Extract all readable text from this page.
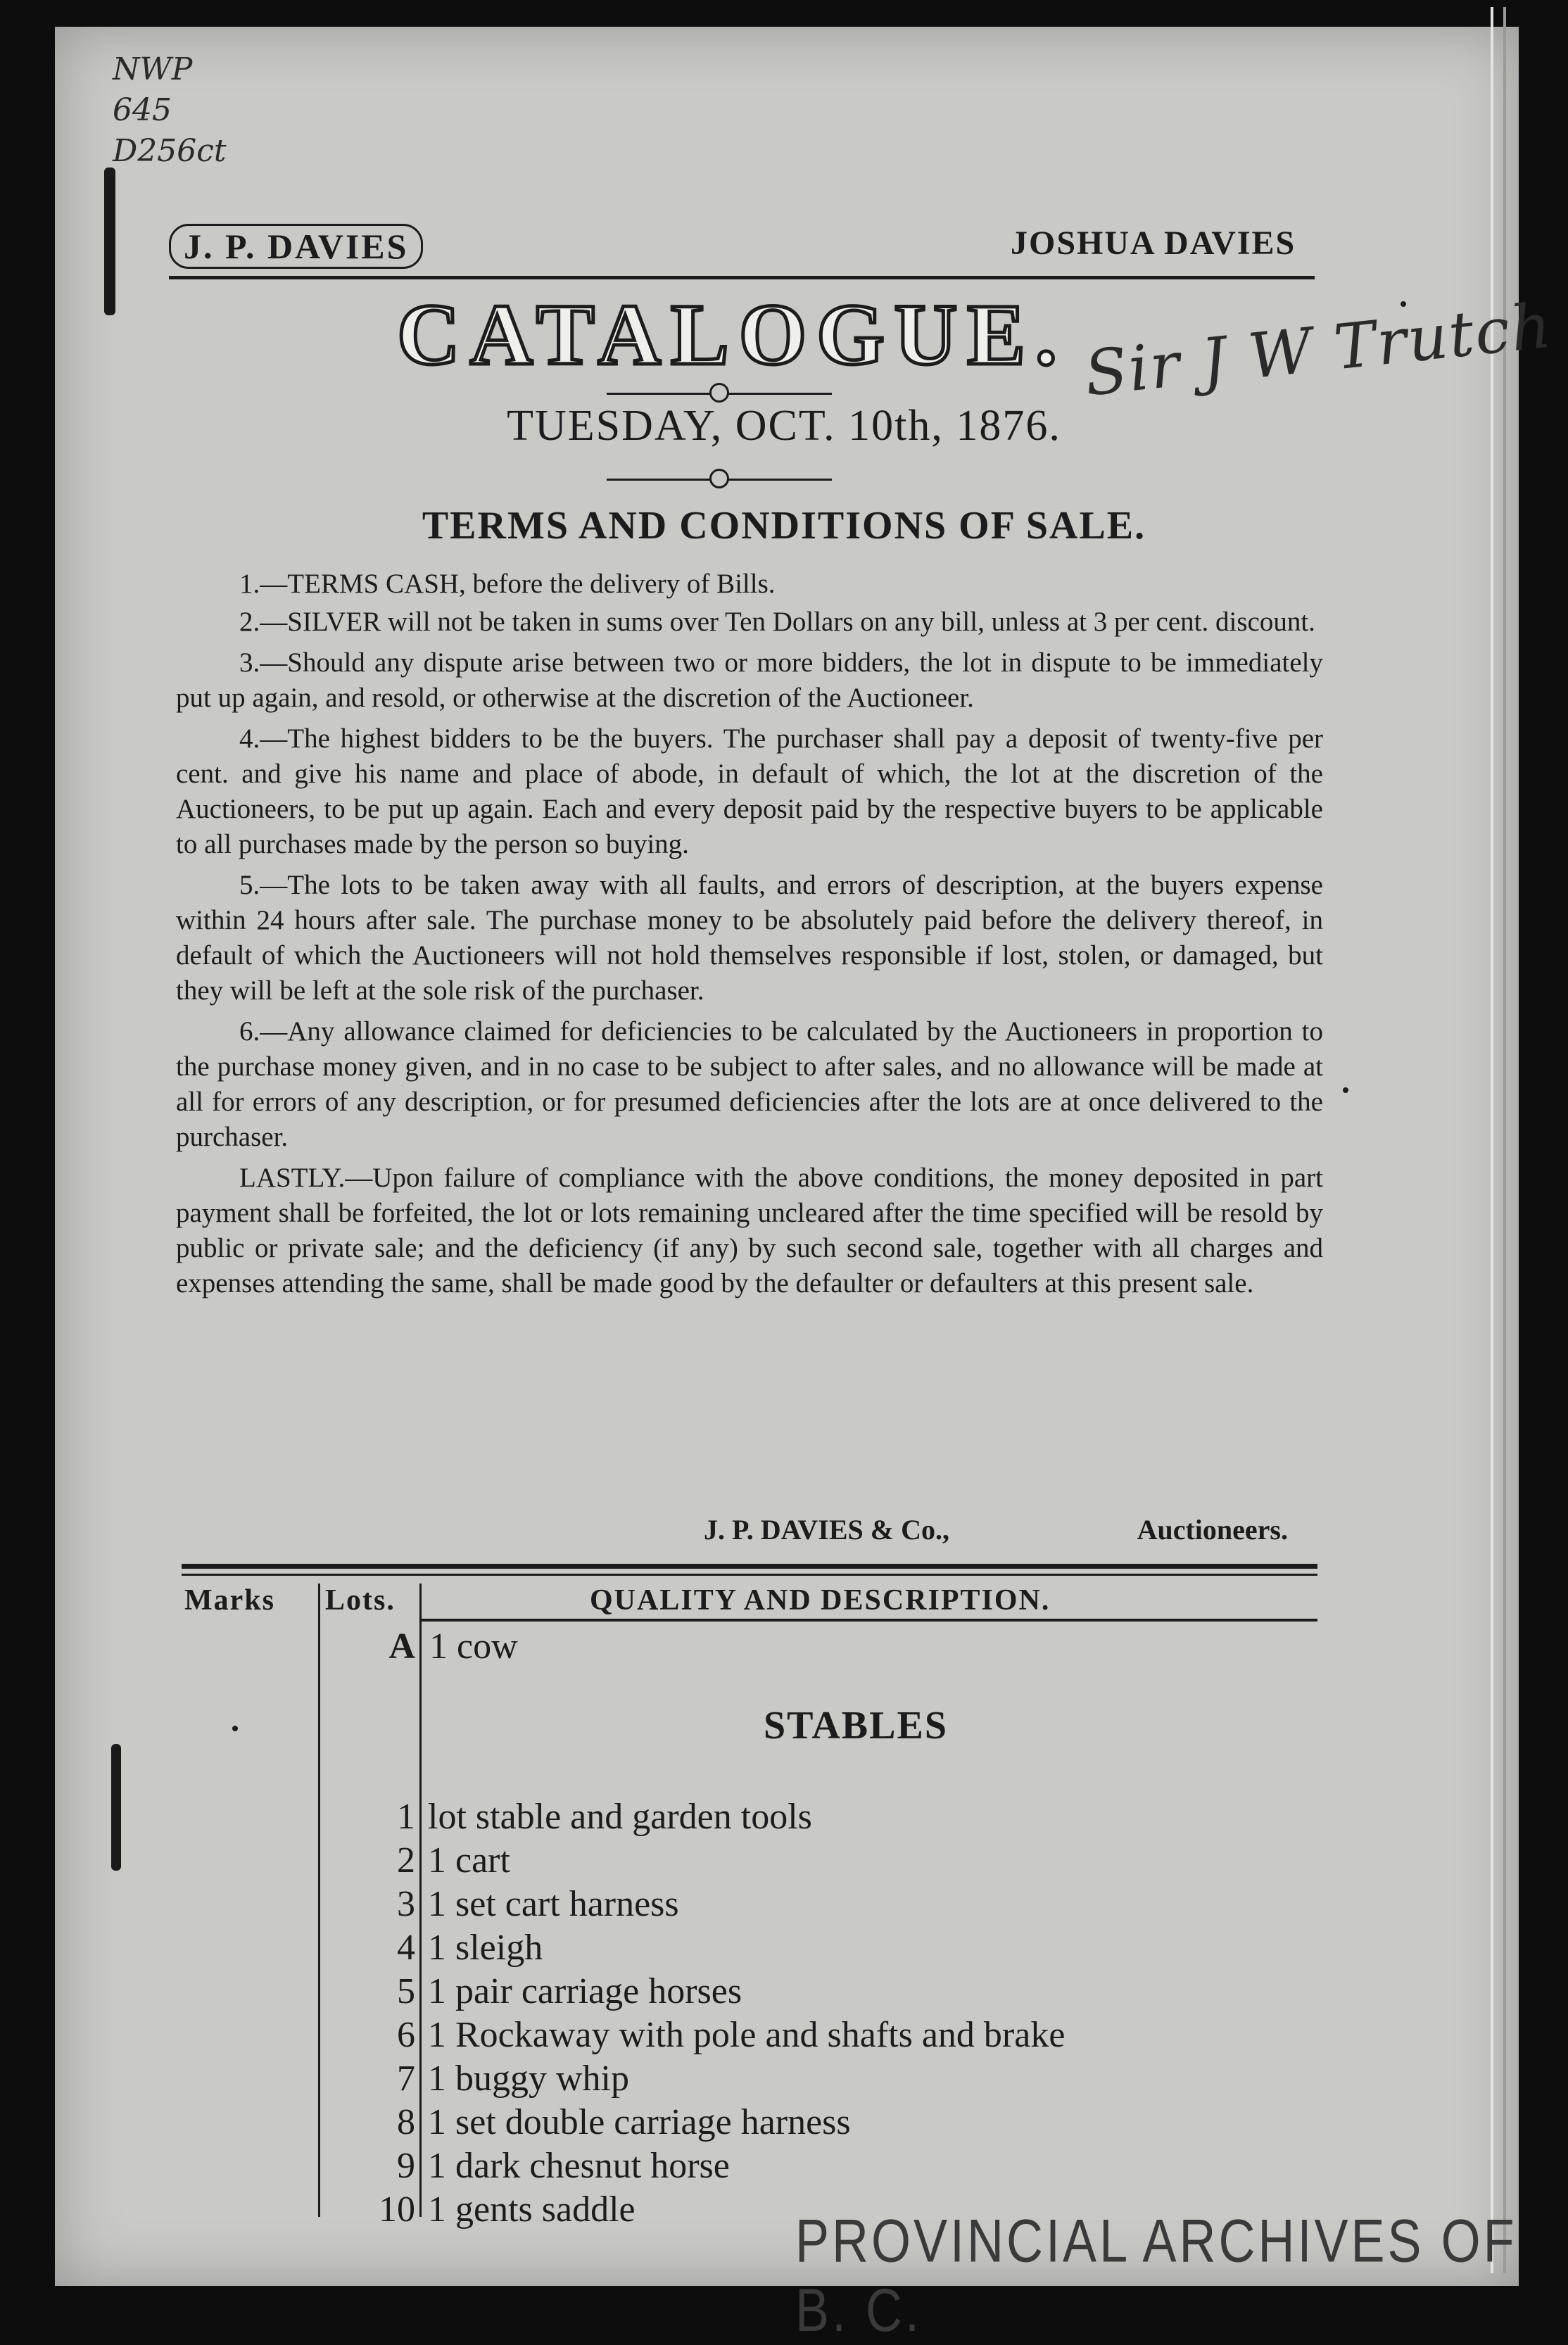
NWP
645
D256ct
Sir J W Trutch
J. P. DAVIES	JOSHUA DAVIES
CATALOGUE.
TUESDAY, OCT. 10th, 1876.
TERMS AND CONDITIONS OF SALE.

1.—TERMS CASH, before the delivery of Bills.

2.—SILVER will not be taken in sums over Ten Dollars on any bill, unless at 3 per cent. discount.

3.—Should any dispute arise between two or more bidders, the lot in dispute to be immediately put up again, and resold, or otherwise at the discretion of the Auctioneer.

4.—The highest bidders to be the buyers. The purchaser shall pay a deposit of twenty-five per cent. and give his name and place of abode, in default of which, the lot at the discretion of the Auctioneers, to be put up again. Each and every deposit paid by the respective buyers to be applicable to all purchases made by the person so buying.

5.—The lots to be taken away with all faults, and errors of description, at the buyers expense within 24 hours after sale. The purchase money to be absolutely paid before the delivery thereof, in default of which the Auctioneers will not hold themselves responsible if lost, stolen, or damaged, but they will be left at the sole risk of the purchaser.

6.—Any allowance claimed for deficiencies to be calculated by the Auctioneers in proportion to the purchase money given, and in no case to be subject to after sales, and no allowance will be made at all for errors of any description, or for presumed deficiencies after the lots are at once delivered to the purchaser.

LASTLY.—Upon failure of compliance with the above conditions, the money deposited in part payment shall be forfeited, the lot or lots remaining uncleared after the time specified will be resold by public or private sale; and the deficiency (if any) by such second sale, together with all charges and expenses attending the same, shall be made good by the defaulter or defaulters at this present sale.

J. P. DAVIES & Co.,	Auctioneers.
Marks Lots.	QUALITY AND DESCRIPTION.
A 1 cow
STABLES
1 lot stable and garden tools
2 1 cart
3 1 set cart harness
4 1 sleigh
5 1 pair carriage horses
6 1 Rockaway with pole and shafts and brake
7 1 buggy whip
8 1 set double carriage harness
9 1 dark chesnut horse
10 1 gents saddle	PROVINCIAL ARCHIVES OF B. C.
